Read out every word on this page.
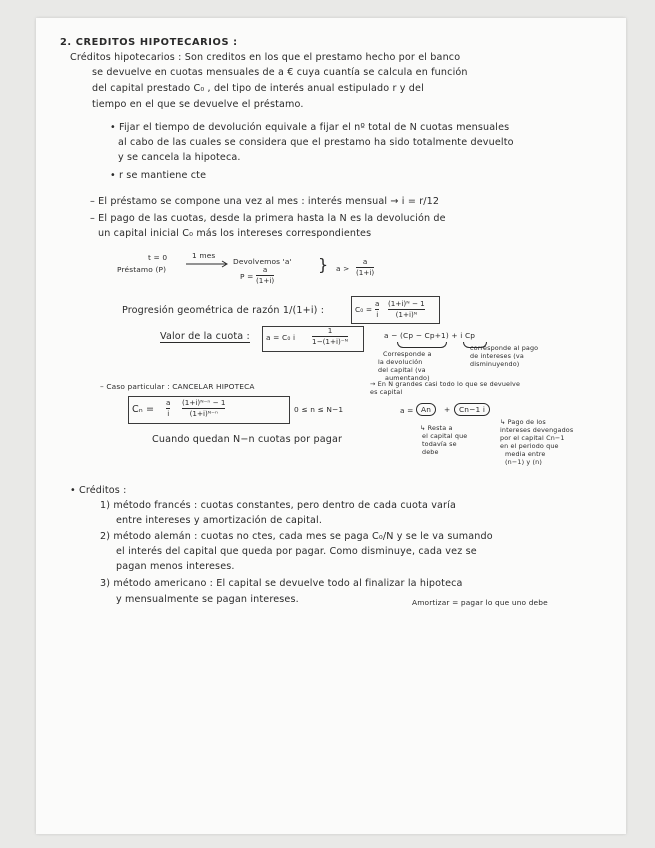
2. CREDITOS HIPOTECARIOS :
Créditos hipotecarios : Son creditos en los que el prestamo hecho por el banco
se devuelve en cuotas mensuales de a € cuya cuantía se calcula en función
del capital prestado C₀ , del tipo de interés anual estipulado r y del
tiempo en el que se devuelve el préstamo.
• Fijar el tiempo de devolución equivale a fijar el nº total de N cuotas mensuales
al cabo de las cuales se considera que el prestamo ha sido totalmente devuelto
y se cancela la hipoteca.
• r se mantiene cte
– El préstamo se compone una vez al mes : interés mensual → i = r/12
– El pago de las cuotas, desde la primera hasta la N es la devolución de
un capital inicial C₀ más los intereses correspondientes
t = 0
Préstamo (P)
1 mes
Devolvemos 'a'
P =
a
(1+i)
} a >
a
(1+i)
Progresión geométrica de razón 1/(1+i) :	C₀ =
a
i
(1+i)ᴺ − 1
(1+i)ᴺ
Valor de la cuota : a = C₀ i
1
1−(1+i)⁻ᴺ
a − (Cp − Cp+1) + i Cp
Corresponde a
la devolución
del capital (va
aumentando)
corresponde al pago
de intereses (va
disminuyendo)
– Caso particular : CANCELAR HIPOTECA	→ En N grandes casi todo lo que se devuelve
es capital
Cₙ =
a
i
(1+i)ᴺ⁻ⁿ − 1
(1+i)ᴺ⁻ⁿ	0 ≤ n ≤ N−1
Cuando quedan N−n cuotas por pagar
a =	An	+	Cn−1 i
↳ Resta a
el capital que
todavía se
debe
↳ Pago de los
intereses devengados
por el capital Cn−1
en el periodo que
media entre
(n−1) y (n)
• Créditos :
1) método francés : cuotas constantes, pero dentro de cada cuota varía
entre intereses y amortización de capital.
2) método alemán : cuotas no ctes, cada mes se paga C₀/N y se le va sumando
el interés del capital que queda por pagar. Como disminuye, cada vez se
pagan menos intereses.
3) método americano : El capital se devuelve todo al finalizar la hipoteca
y mensualmente se pagan intereses.	Amortizar = pagar lo que uno debe
